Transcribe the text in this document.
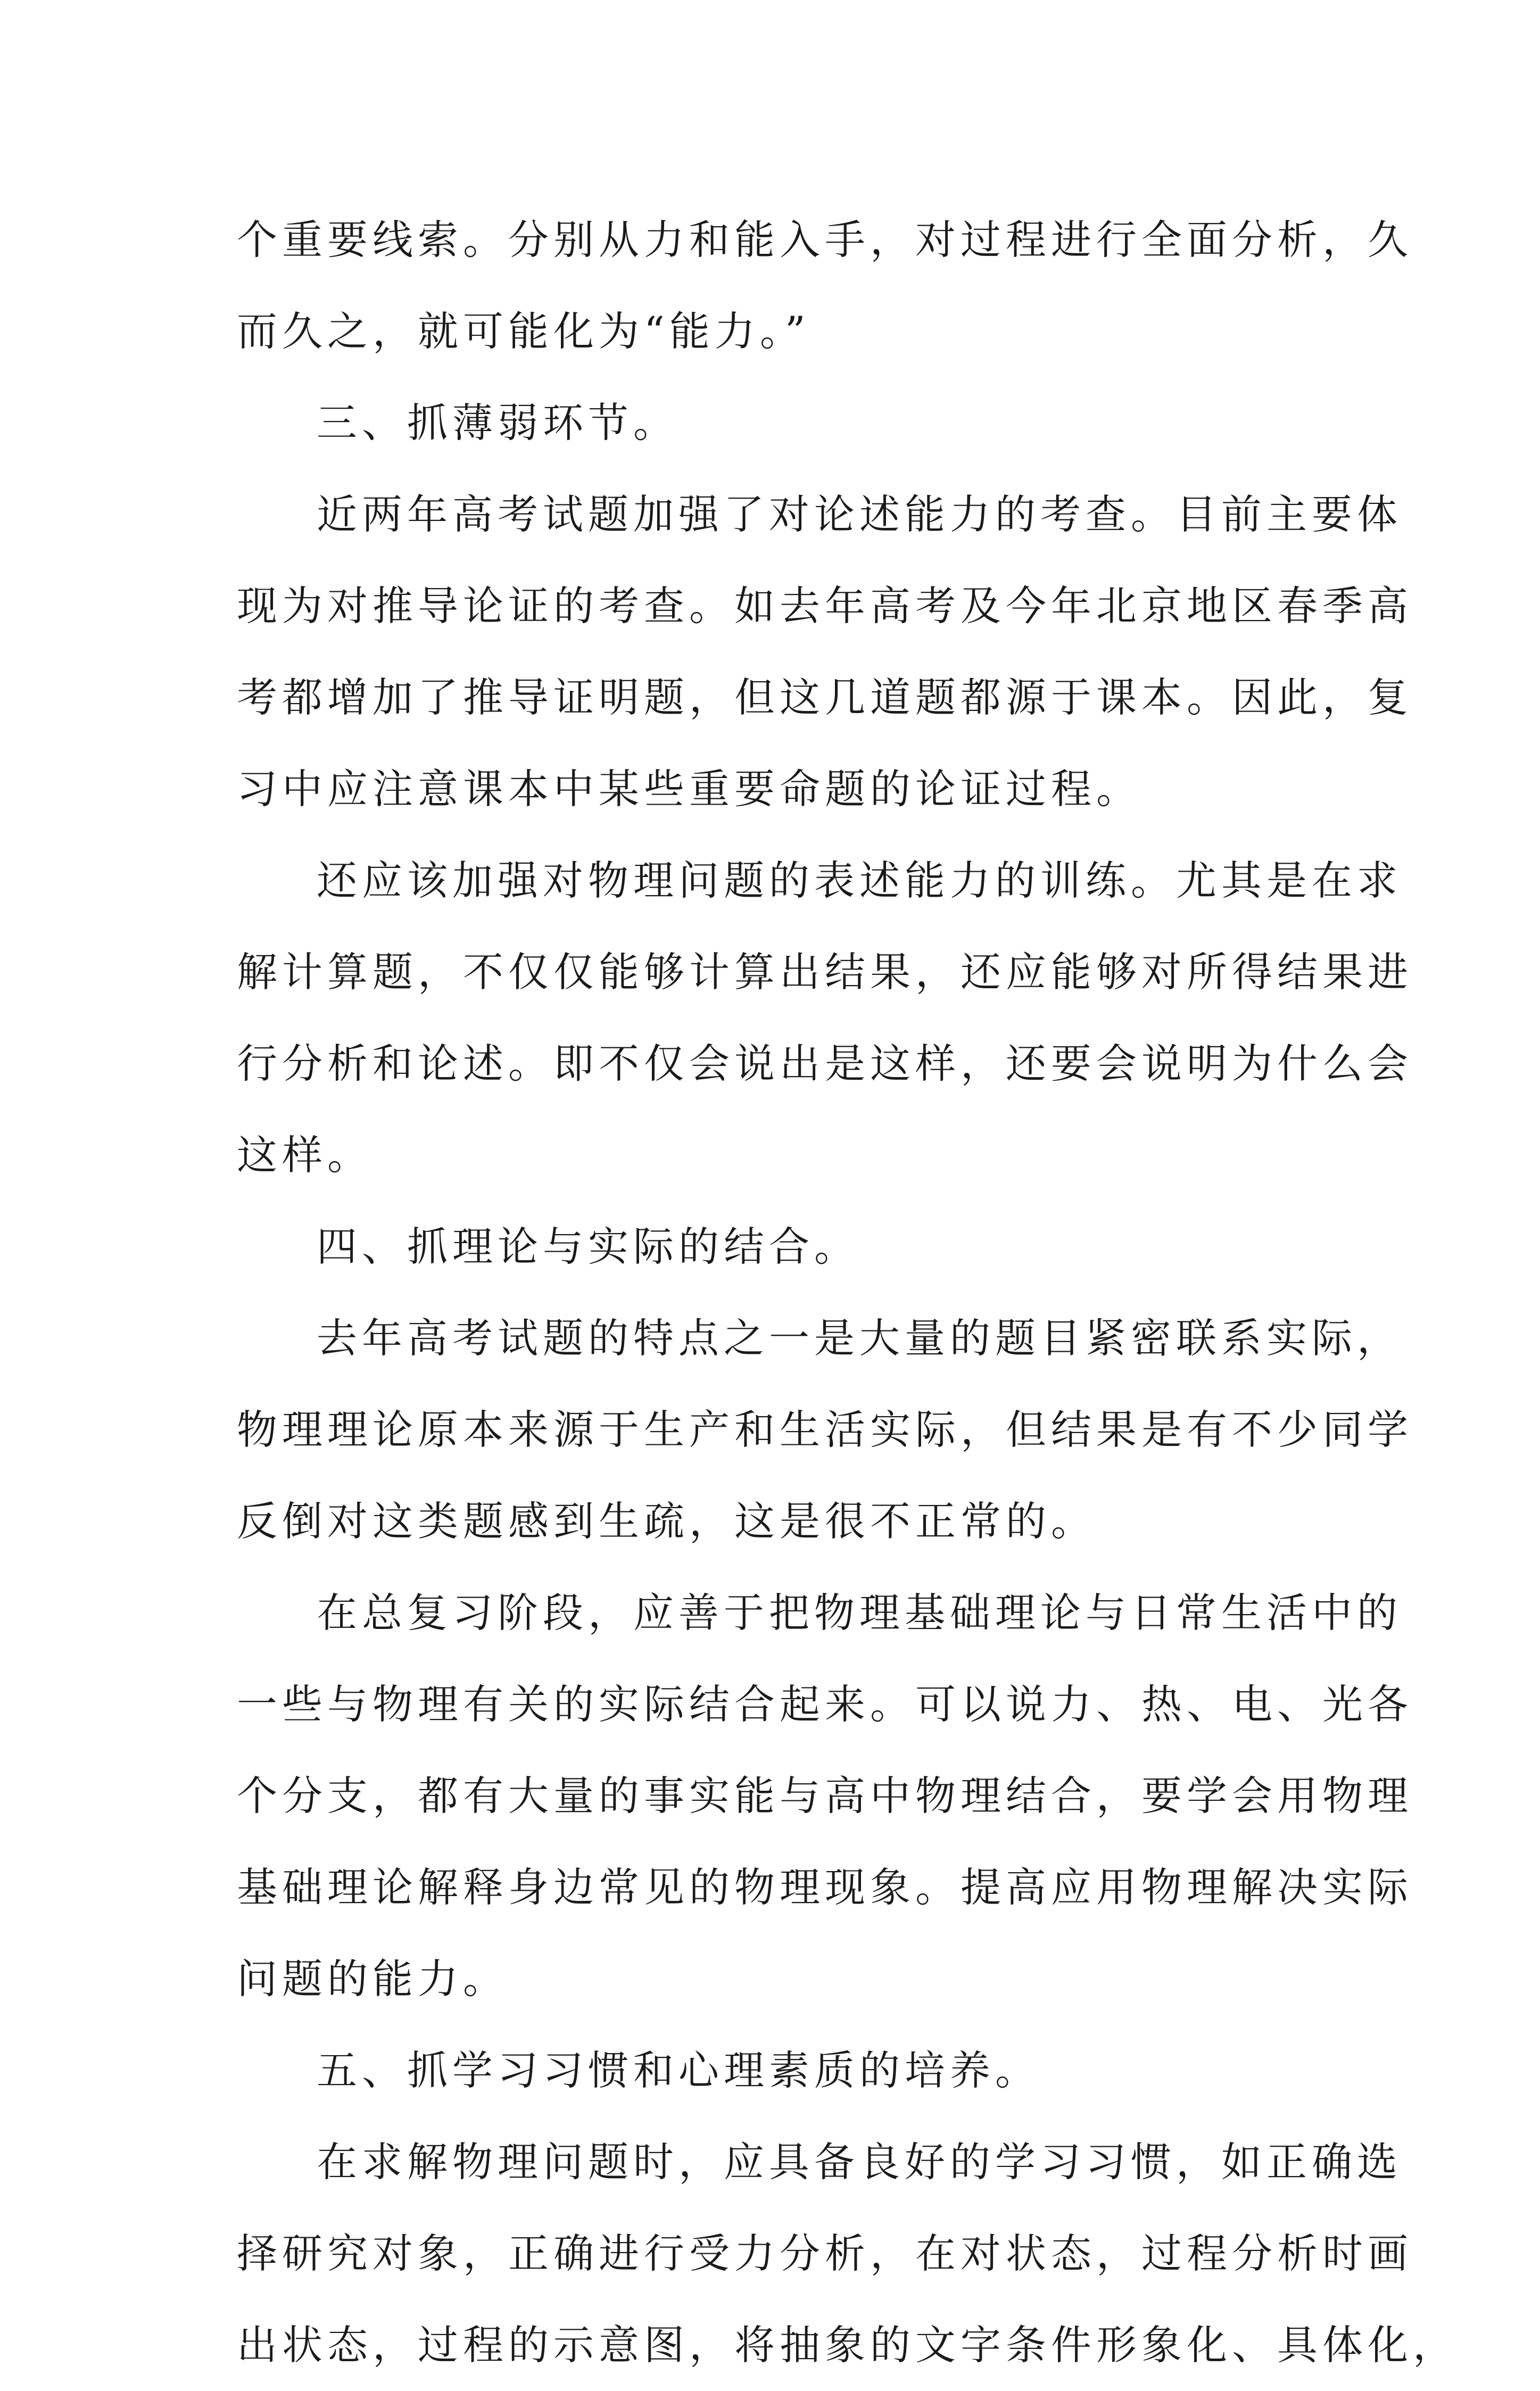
个重要线索。分别从力和能入手，对过程进行全面分析，久
而久之，就可能化为“能力。”
三、抓薄弱环节。
近两年高考试题加强了对论述能力的考查。目前主要体
现为对推导论证的考查。如去年高考及今年北京地区春季高
考都增加了推导证明题，但这几道题都源于课本。因此，复
习中应注意课本中某些重要命题的论证过程。
还应该加强对物理问题的表述能力的训练。尤其是在求
解计算题，不仅仅能够计算出结果，还应能够对所得结果进
行分析和论述。即不仅会说出是这样，还要会说明为什么会
这样。
四、抓理论与实际的结合。
去年高考试题的特点之一是大量的题目紧密联系实际，
物理理论原本来源于生产和生活实际，但结果是有不少同学
反倒对这类题感到生疏，这是很不正常的。
在总复习阶段，应善于把物理基础理论与日常生活中的
一些与物理有关的实际结合起来。可以说力、热、电、光各
个分支，都有大量的事实能与高中物理结合，要学会用物理
基础理论解释身边常见的物理现象。提高应用物理解决实际
问题的能力。
五、抓学习习惯和心理素质的培养。
在求解物理问题时，应具备良好的学习习惯，如正确选
择研究对象，正确进行受力分析，在对状态，过程分析时画
出状态，过程的示意图，将抽象的文字条件形象化、具体化，
